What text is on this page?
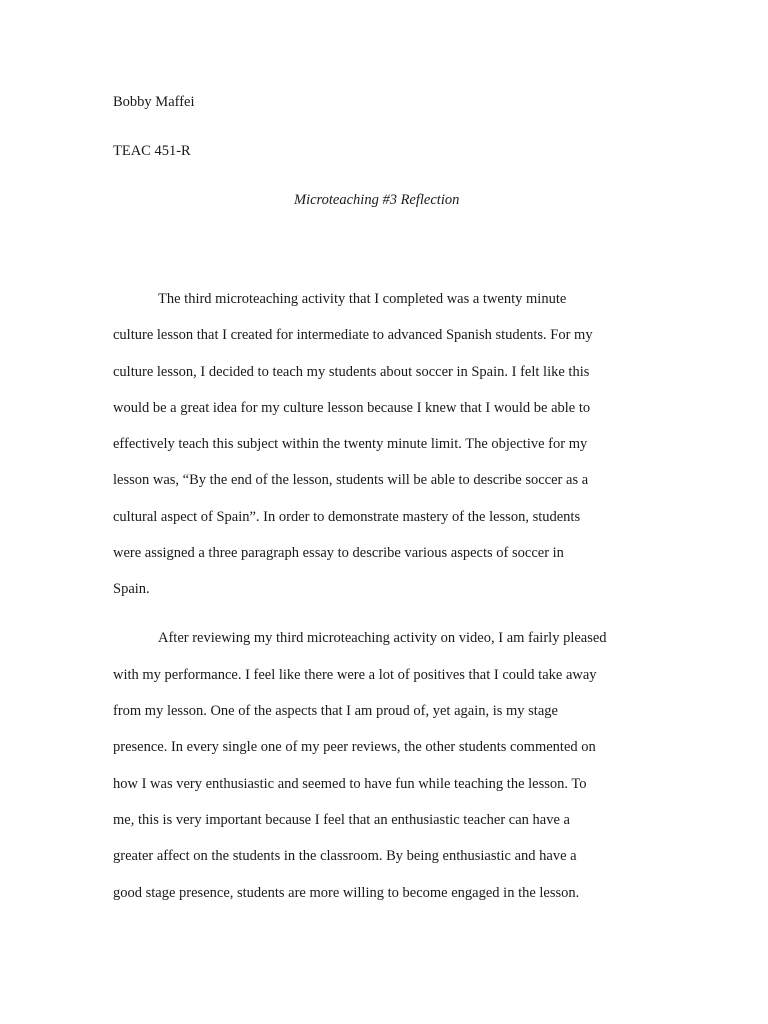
Bobby Maffei
TEAC 451-R
Microteaching #3 Reflection
The third microteaching activity that I completed was a twenty minute
culture lesson that I created for intermediate to advanced Spanish students. For my
culture lesson, I decided to teach my students about soccer in Spain. I felt like this
would be a great idea for my culture lesson because I knew that I would be able to
effectively teach this subject within the twenty minute limit. The objective for my
lesson was, “By the end of the lesson, students will be able to describe soccer as a
cultural aspect of Spain”. In order to demonstrate mastery of the lesson, students
were assigned a three paragraph essay to describe various aspects of soccer in
Spain.
After reviewing my third microteaching activity on video, I am fairly pleased
with my performance. I feel like there were a lot of positives that I could take away
from my lesson. One of the aspects that I am proud of, yet again, is my stage
presence. In every single one of my peer reviews, the other students commented on
how I was very enthusiastic and seemed to have fun while teaching the lesson. To
me, this is very important because I feel that an enthusiastic teacher can have a
greater affect on the students in the classroom. By being enthusiastic and have a
good stage presence, students are more willing to become engaged in the lesson.
